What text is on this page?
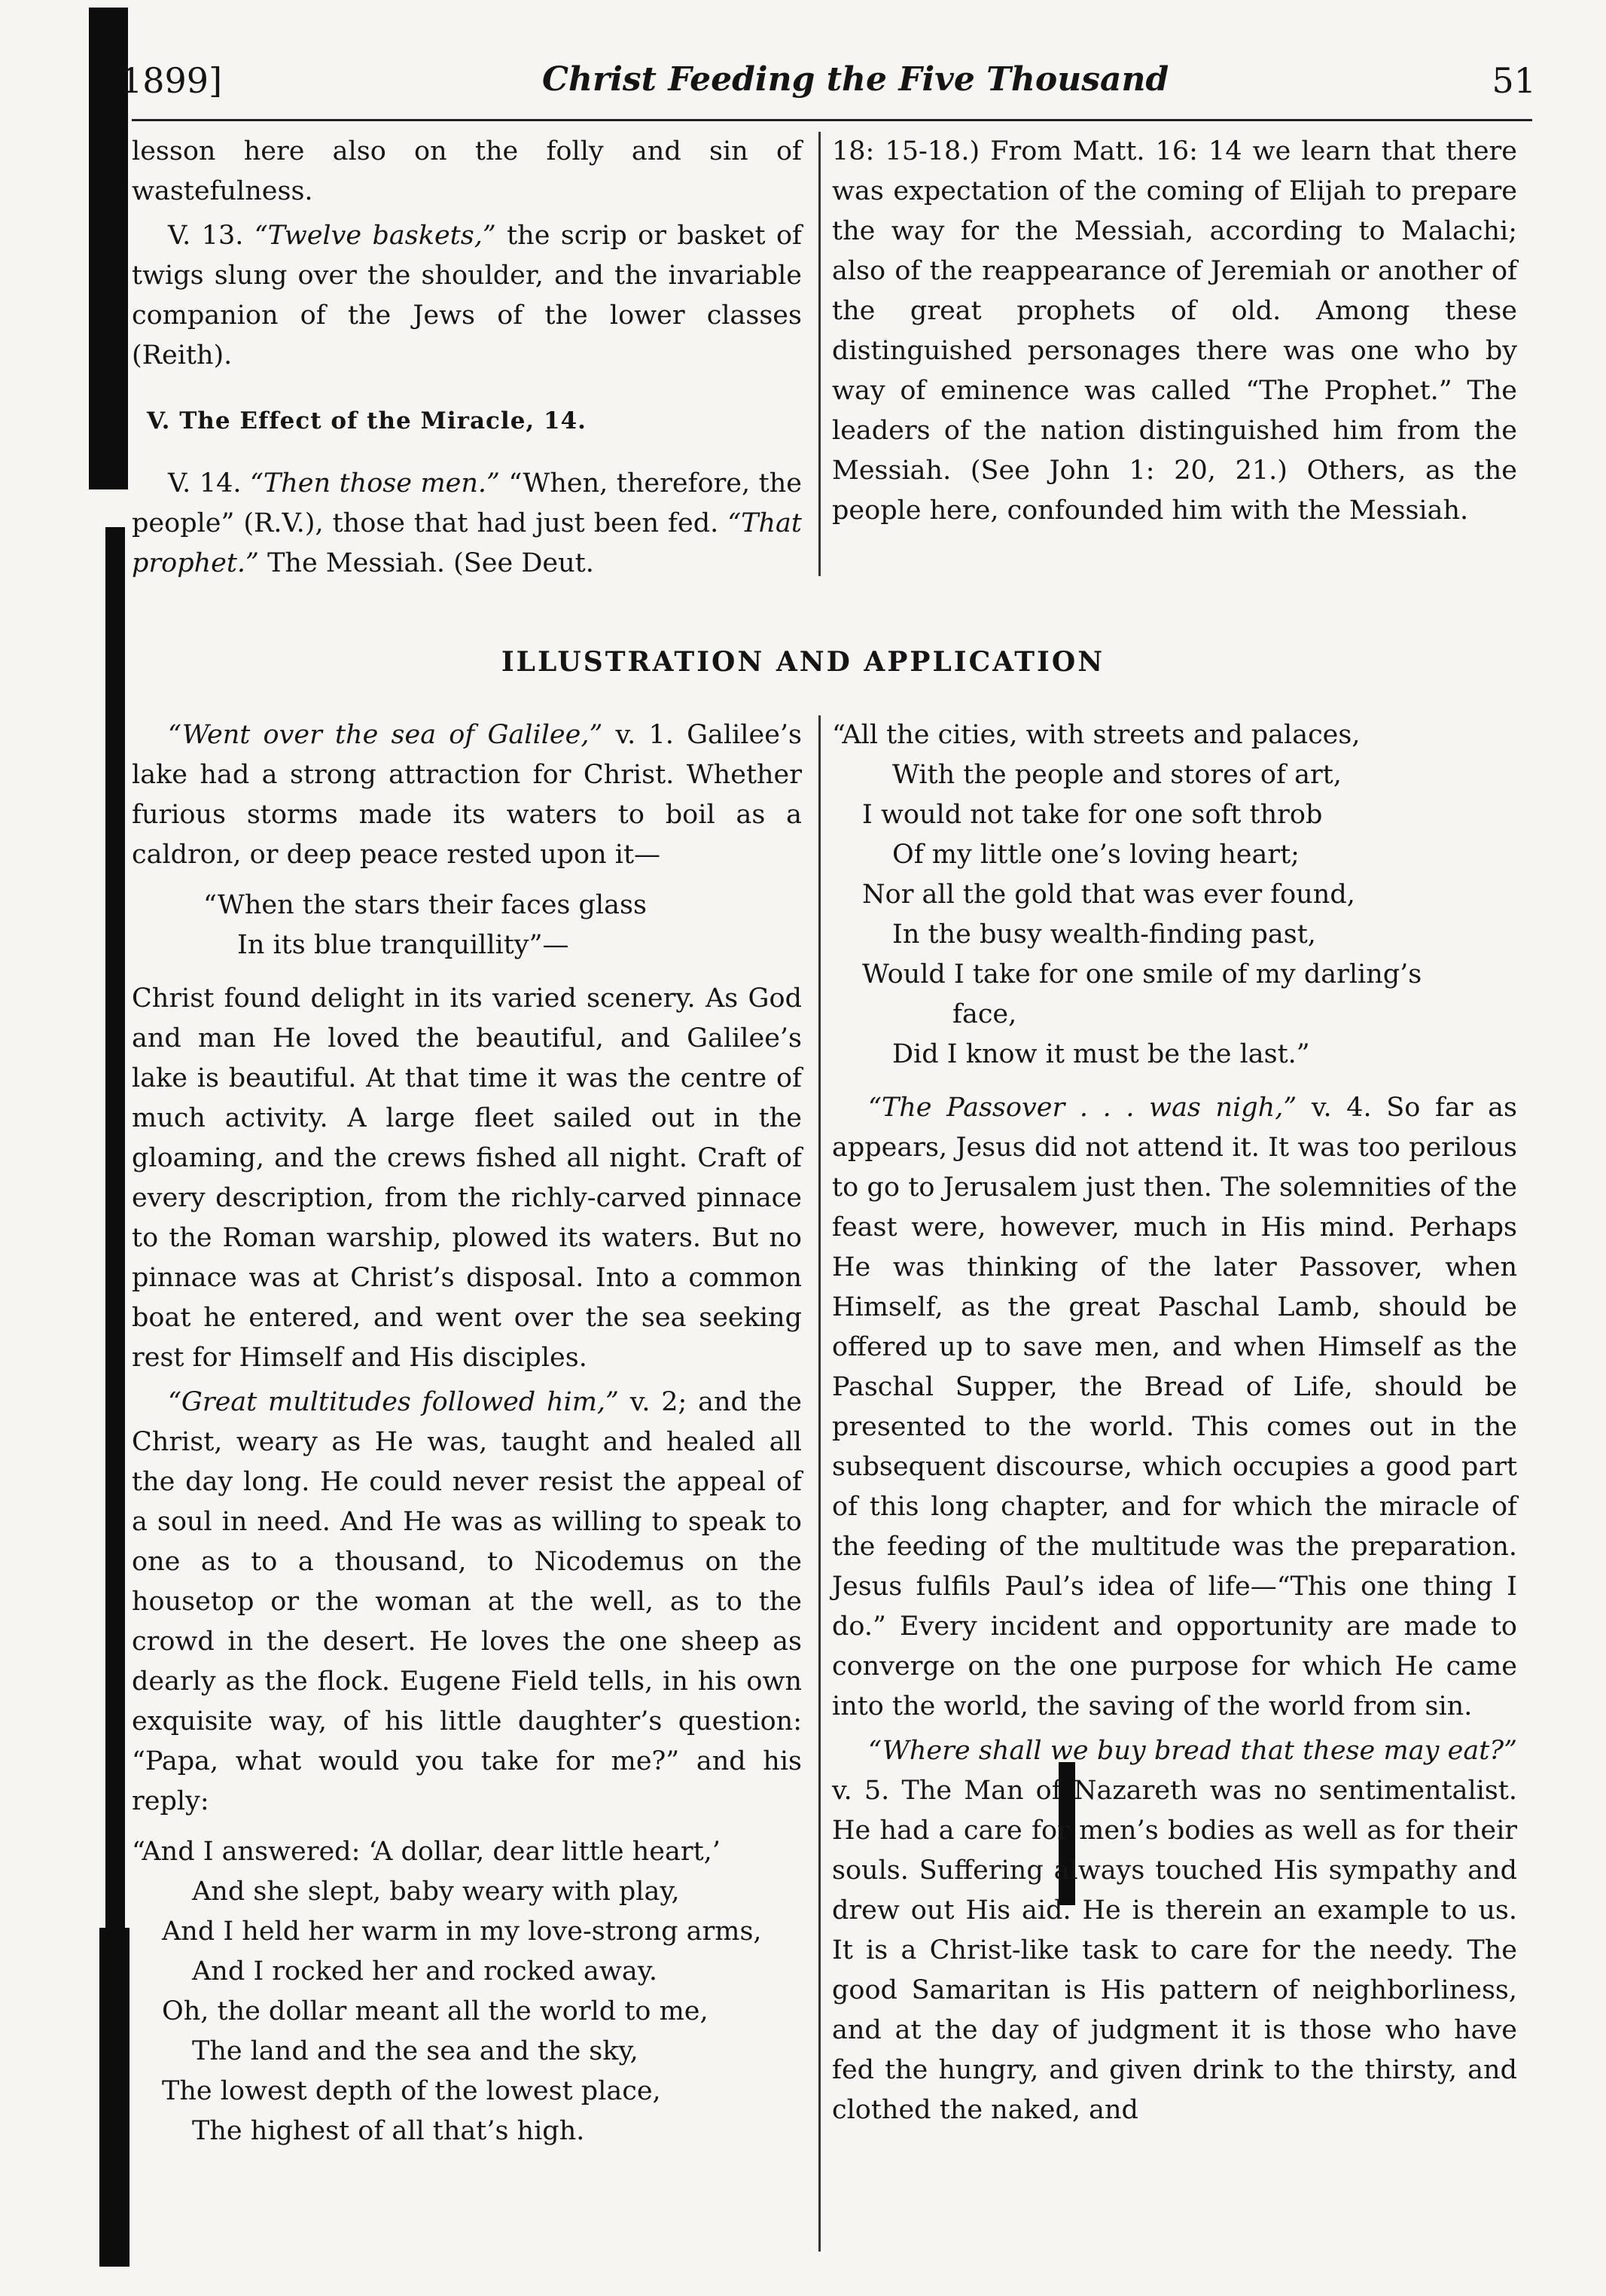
1899]	Christ Feeding the Five Thousand	51

lesson here also on the folly and sin of wastefulness.

V. 13. “Twelve baskets,” the scrip or basket of twigs slung over the shoulder, and the invariable companion of the Jews of the lower classes (Reith).

V. The Effect of the Miracle, 14.

V. 14. “Then those men.” “When, therefore, the people” (R.V.), those that had just been fed. “That prophet.” The Messiah. (See Deut.

18: 15-18.) From Matt. 16: 14 we learn that there was expectation of the coming of Elijah to prepare the way for the Messiah, according to Malachi; also of the reappearance of Jeremiah or another of the great prophets of old. Among these distinguished personages there was one who by way of eminence was called “The Prophet.” The leaders of the nation distinguished him from the Messiah. (See John 1: 20, 21.) Others, as the people here, confounded him with the Messiah.

ILLUSTRATION AND APPLICATION

“Went over the sea of Galilee,” v. 1. Galilee’s lake had a strong attraction for Christ. Whether furious storms made its waters to boil as a caldron, or deep peace rested upon it—

“When the stars their faces glass
In its blue tranquillity”—

Christ found delight in its varied scenery. As God and man He loved the beautiful, and Galilee’s lake is beautiful. At that time it was the centre of much activity. A large fleet sailed out in the gloaming, and the crews fished all night. Craft of every description, from the richly-carved pinnace to the Roman warship, plowed its waters. But no pinnace was at Christ’s disposal. Into a common boat he entered, and went over the sea seeking rest for Himself and His disciples.

“Great multitudes followed him,” v. 2; and the Christ, weary as He was, taught and healed all the day long. He could never resist the appeal of a soul in need. And He was as willing to speak to one as to a thousand, to Nicodemus on the housetop or the woman at the well, as to the crowd in the desert. He loves the one sheep as dearly as the flock. Eugene Field tells, in his own exquisite way, of his little daughter’s question: “Papa, what would you take for me?” and his reply:

“And I answered: ‘A dollar, dear little heart,’
And she slept, baby weary with play,
And I held her warm in my love-strong arms,
And I rocked her and rocked away.
Oh, the dollar meant all the world to me,
The land and the sea and the sky,
The lowest depth of the lowest place,
The highest of all that’s high.
“All the cities, with streets and palaces,
With the people and stores of art,
I would not take for one soft throb
Of my little one’s loving heart;
Nor all the gold that was ever found,
In the busy wealth-finding past,
Would I take for one smile of my darling’s
face,
Did I know it must be the last.”

“The Passover . . . was nigh,” v. 4. So far as appears, Jesus did not attend it. It was too perilous to go to Jerusalem just then. The solemnities of the feast were, however, much in His mind. Perhaps He was thinking of the later Passover, when Himself, as the great Paschal Lamb, should be offered up to save men, and when Himself as the Paschal Supper, the Bread of Life, should be presented to the world. This comes out in the subsequent discourse, which occupies a good part of this long chapter, and for which the miracle of the feeding of the multitude was the preparation. Jesus fulfils Paul’s idea of life—“This one thing I do.” Every incident and opportunity are made to converge on the one purpose for which He came into the world, the saving of the world from sin.

“Where shall we buy bread that these may eat?” v. 5. The Man of Nazareth was no sentimentalist. He had a care for men’s bodies as well as for their souls. Suffering always touched His sympathy and drew out His aid. He is therein an example to us. It is a Christ-like task to care for the needy. The good Samaritan is His pattern of neighborliness, and at the day of judgment it is those who have fed the hungry, and given drink to the thirsty, and clothed the naked, and
